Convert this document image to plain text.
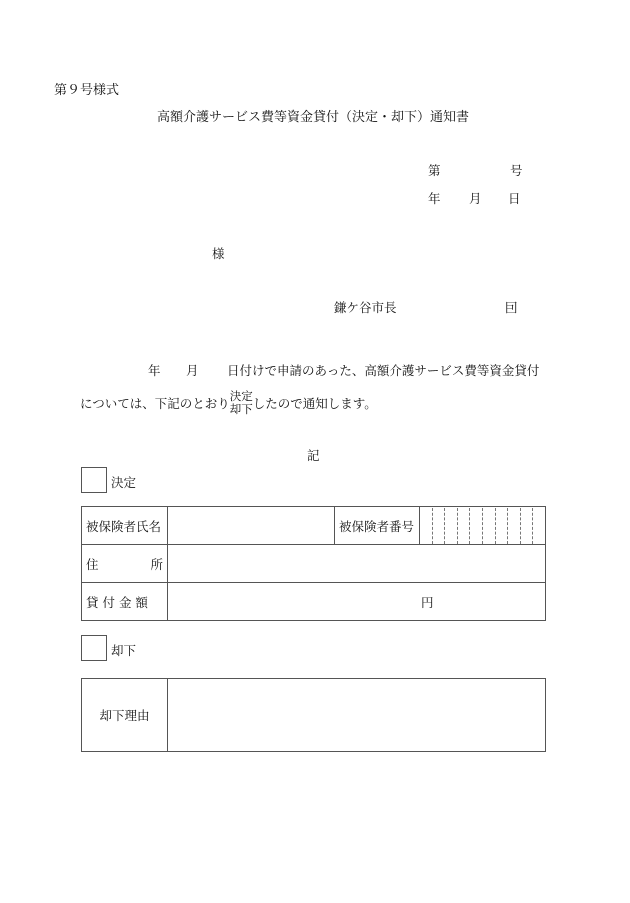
第９号様式
高額介護サービス費等資金貸付（決定・却下）通知書
第	号
年 月 日
様
鎌ケ谷市長	囙
年 月 日付けで申請のあった、高額介護サービス費等資金貸付
については、下記のとおり決定
却下したので通知します。
記
決定
被保険者氏名		被保険者番号	

住 所			

貸 付 金 額	円		
却下
却下理由	
